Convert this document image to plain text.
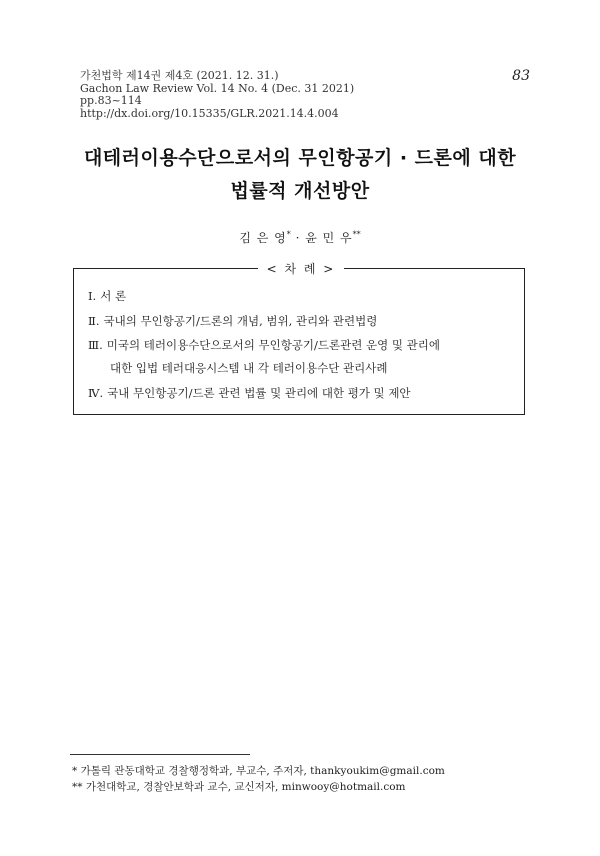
가천법학 제14권 제4호 (2021. 12. 31.)
Gachon Law Review Vol. 14 No. 4 (Dec. 31 2021)
pp.83~114
http://dx.doi.org/10.15335/GLR.2021.14.4.004
83
대테러이용수단으로서의 무인항공기 · 드론에 대한
법률적 개선방안
김 은 영* · 윤 민 우**
< 차 례 >
Ⅰ. 서 론
Ⅱ. 국내의 무인항공기/드론의 개념, 범위, 관리와 관련법령
Ⅲ. 미국의 테러이용수단으로서의 무인항공기/드론관련 운영 및 관리에
대한 입법 테러대응시스템 내 각 테러이용수단 관리사례
Ⅳ. 국내 무인항공기/드론 관련 법률 및 관리에 대한 평가 및 제안
* 가톨릭 관동대학교 경찰행정학과, 부교수, 주저자, thankyoukim@gmail.com
** 가천대학교, 경찰안보학과 교수, 교신저자, minwooy@hotmail.com
